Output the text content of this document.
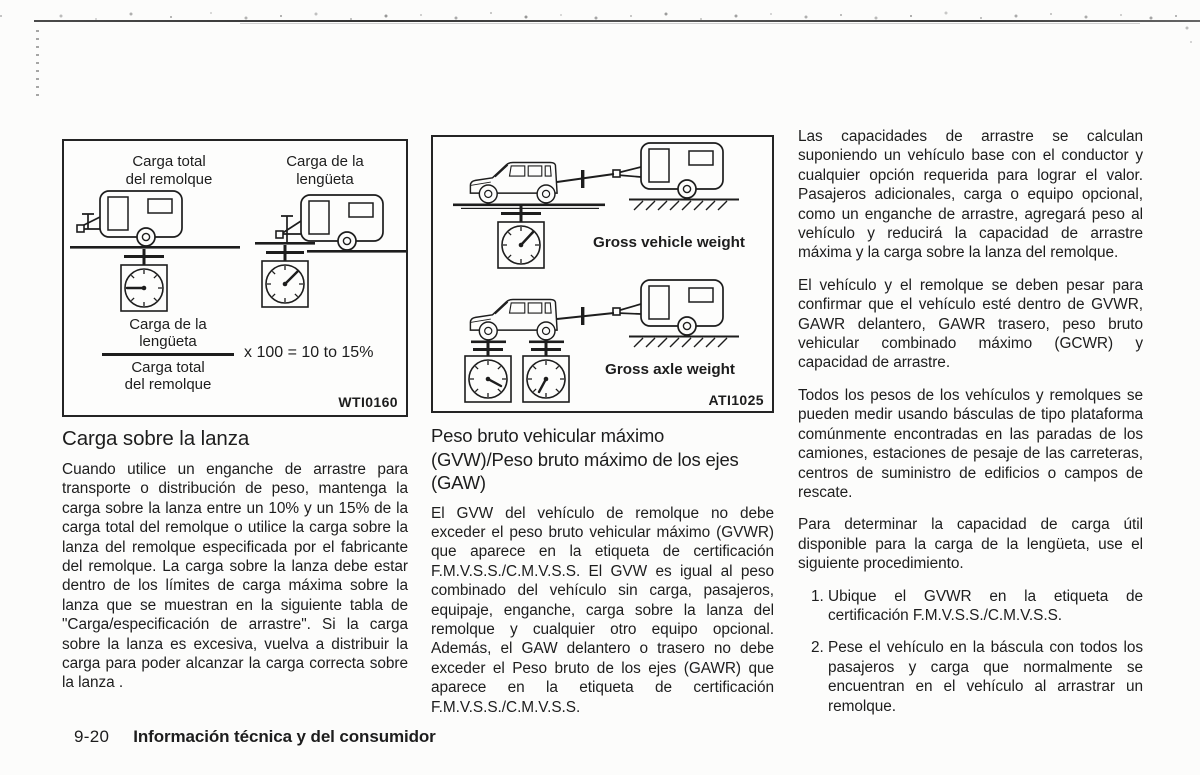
Carga total
del remolque
Carga de la
lengüeta
Carga de la
lengüeta
Carga total
del remolque
x 100 = 10 to 15%
WTI0160
Carga sobre la lanza

Cuando utilice un enganche de arrastre para transporte o distribución de peso, mantenga la carga sobre la lanza entre un 10% y un 15% de la carga total del remolque o utilice la carga sobre la lanza del remolque especificada por el fabricante del remolque. La carga sobre la lanza debe estar dentro de los límites de carga máxima sobre la lanza que se muestran en la siguiente tabla de "Carga/especificación de arrastre". Si la carga sobre la lanza es excesiva, vuelva a distribuir la carga para poder alcanzar la carga correcta sobre la lanza .

Gross vehicle weight
Gross axle weight
ATI1025
Peso bruto vehicular máximo
(GVW)/Peso bruto máximo de los ejes
(GAW)

El GVW del vehículo de remolque no debe exceder el peso bruto vehicular máximo (GVWR) que aparece en la etiqueta de certificación F.M.V.S.S./C.M.V.S.S. El GVW es igual al peso combinado del vehículo sin carga, pasajeros, equipaje, enganche, carga sobre la lanza del remolque y cualquier otro equipo opcional. Además, el GAW delantero o trasero no debe exceder el Peso bruto de los ejes (GAWR) que aparece en la etiqueta de certificación F.M.V.S.S./C.M.V.S.S.

Las capacidades de arrastre se calculan suponiendo un vehículo base con el conductor y cualquier opción requerida para lograr el valor. Pasajeros adicionales, carga o equipo opcional, como un enganche de arrastre, agregará peso al vehículo y reducirá la capacidad de arrastre máxima y la carga sobre la lanza del remolque.

El vehículo y el remolque se deben pesar para confirmar que el vehículo esté dentro de GVWR, GAWR delantero, GAWR trasero, peso bruto vehicular combinado máximo (GCWR) y capacidad de arrastre.

Todos los pesos de los vehículos y remolques se pueden medir usando básculas de tipo plataforma comúnmente encontradas en las paradas de los camiones, estaciones de pesaje de las carreteras, centros de suministro de edificios o campos de rescate.

Para determinar la capacidad de carga útil disponible para la carga de la lengüeta, use el siguiente procedimiento.

1. Ubique el GVWR en la etiqueta de certificación F.M.V.S.S./C.M.V.S.S.
2. Pese el vehículo en la báscula con todos los pasajeros y carga que normalmente se encuentran en el vehículo al arrastrar un remolque.
9-20 Información técnica y del consumidor
